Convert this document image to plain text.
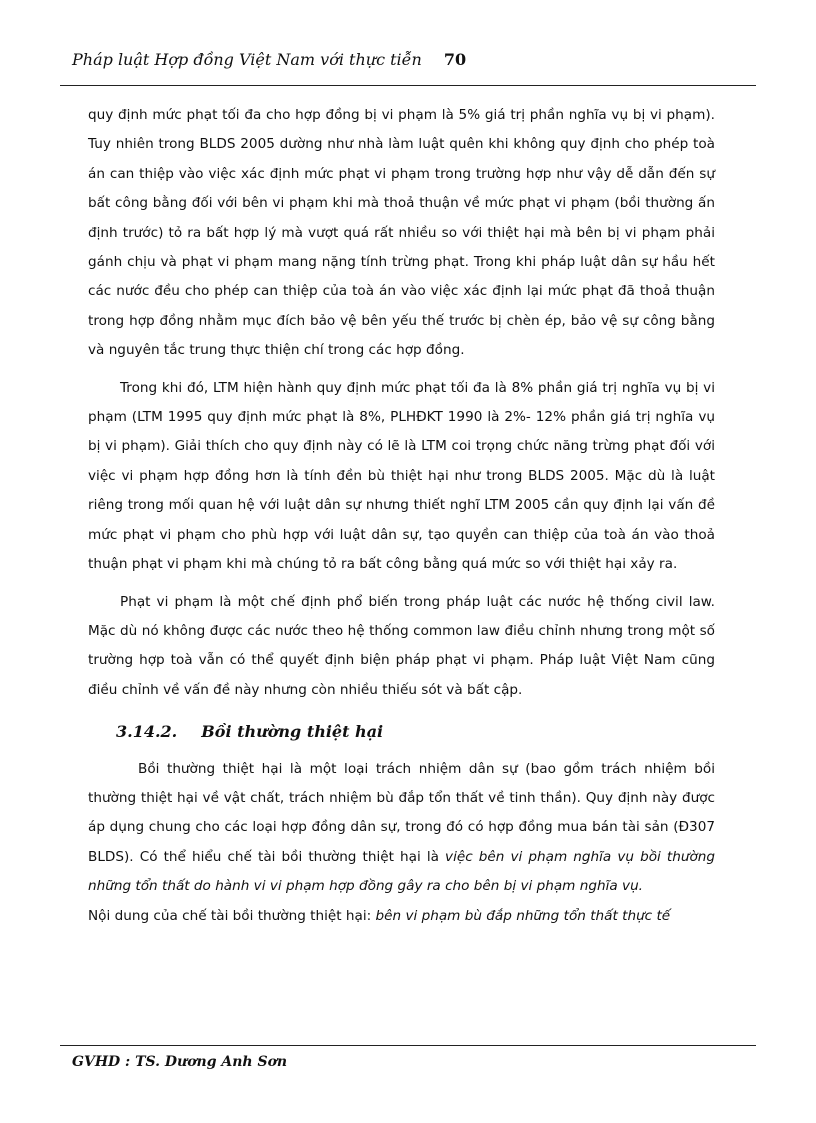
Pháp luật Hợp đồng Việt Nam với thực tiễn 70

quy định mức phạt tối đa cho hợp đồng bị vi phạm là 5% giá trị phần nghĩa vụ bị vi phạm). Tuy nhiên trong BLDS 2005 dường như nhà làm luật quên khi không quy định cho phép toà án can thiệp vào việc xác định mức phạt vi phạm trong trường hợp như vậy dễ dẫn đến sự bất công bằng đối với bên vi phạm khi mà thoả thuận về mức phạt vi phạm (bồi thường ấn định trước) tỏ ra bất hợp lý mà vượt quá rất nhiều so với thiệt hại mà bên bị vi phạm phải gánh chịu và phạt vi phạm mang nặng tính trừng phạt. Trong khi pháp luật dân sự hầu hết các nước đều cho phép can thiệp của toà án vào việc xác định lại mức phạt đã thoả thuận trong hợp đồng nhằm mục đích bảo vệ bên yếu thế trước bị chèn ép, bảo vệ sự công bằng và nguyên tắc trung thực thiện chí trong các hợp đồng.

Trong khi đó, LTM hiện hành quy định mức phạt tối đa là 8% phần giá trị nghĩa vụ bị vi phạm (LTM 1995 quy định mức phạt là 8%, PLHĐKT 1990 là 2%- 12% phần giá trị nghĩa vụ bị vi phạm). Giải thích cho quy định này có lẽ là LTM coi trọng chức năng trừng phạt đối với việc vi phạm hợp đồng hơn là tính đền bù thiệt hại như trong BLDS 2005. Mặc dù là luật riêng trong mối quan hệ với luật dân sự nhưng thiết nghĩ LTM 2005 cần quy định lại vấn đề mức phạt vi phạm cho phù hợp với luật dân sự, tạo quyền can thiệp của toà án vào thoả thuận phạt vi phạm khi mà chúng tỏ ra bất công bằng quá mức so với thiệt hại xảy ra.

Phạt vi phạm là một chế định phổ biến trong pháp luật các nước hệ thống civil law. Mặc dù nó không được các nước theo hệ thống common law điều chỉnh nhưng trong một số trường hợp toà vẫn có thể quyết định biện pháp phạt vi phạm. Pháp luật Việt Nam cũng điều chỉnh về vấn đề này nhưng còn nhiều thiếu sót và bất cập.

3.14.2. Bồi thường thiệt hại

Bồi thường thiệt hại là một loại trách nhiệm dân sự (bao gồm trách nhiệm bồi thường thiệt hại về vật chất, trách nhiệm bù đắp tổn thất về tinh thần). Quy định này được áp dụng chung cho các loại hợp đồng dân sự, trong đó có hợp đồng mua bán tài sản (Đ307 BLDS). Có thể hiểu chế tài bồi thường thiệt hại là việc bên vi phạm nghĩa vụ bồi thường những tổn thất do hành vi vi phạm hợp đồng gây ra cho bên bị vi phạm nghĩa vụ.

Nội dung của chế tài bồi thường thiệt hại: bên vi phạm bù đắp những tổn thất thực tế

GVHD : TS. Dương Anh Sơn
